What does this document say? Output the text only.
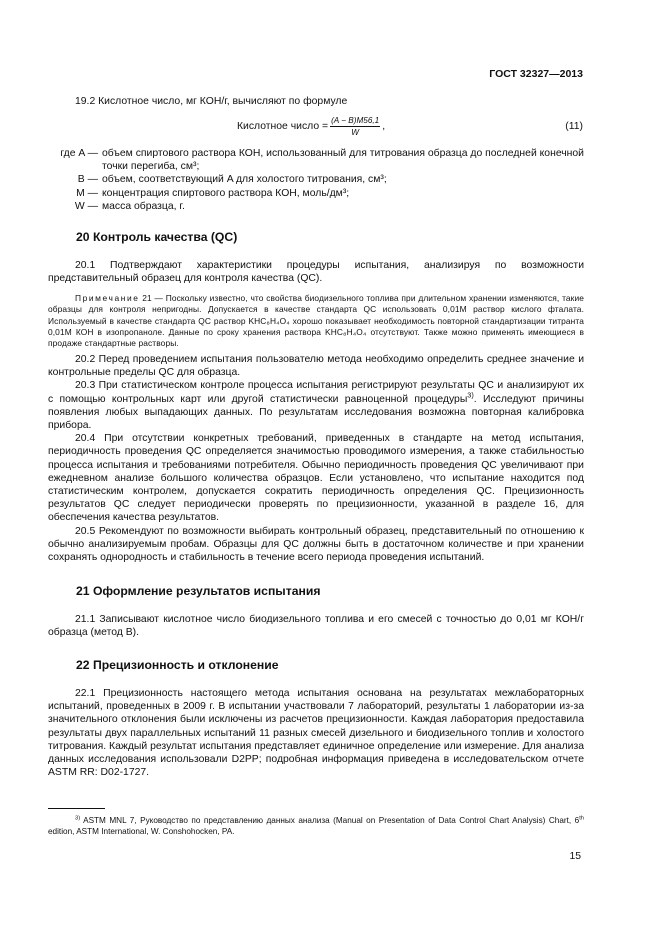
ГОСТ 32327—2013

19.2 Кислотное число, мг КОН/г, вычисляют по формуле

Кислотное число = $\frac{(A - B)M56,1}{W}$ ,	(11)
где A — объем спиртового раствора КОН, использованный для титрования образца до последней конечной точки перегиба, см³;
B — объем, соответствующий A для холостого титрования, см³;
M — концентрация спиртового раствора КОН, моль/дм³;
W — масса образца, г.
20 Контроль качества (QC)

20.1 Подтверждают характеристики процедуры испытания, анализируя по возможности представительный образец для контроля качества (QC).

Примечание 21 — Поскольку известно, что свойства биодизельного топлива при длительном хранении изменяются, такие образцы для контроля непригодны. Допускается в качестве стандарта QC использовать 0,01М раствор кислого фталата. Используемый в качестве стандарта QC раствор KHC₈H₄O₄ хорошо показывает необходимость повторной стандартизации титранта 0,01М КОН в изопропаноле. Данные по сроку хранения раствора KHC₈H₄O₄ отсутствуют. Также можно применять имеющиеся в продаже стандартные растворы.

20.2 Перед проведением испытания пользователю метода необходимо определить среднее значение и контрольные пределы QC для образца.

20.3 При статистическом контроле процесса испытания регистрируют результаты QC и анализируют их с помощью контрольных карт или другой статистически равноценной процедуры$^{3)}$. Исследуют причины появления любых выпадающих данных. По результатам исследования возможна повторная калибровка прибора.

20.4 При отсутствии конкретных требований, приведенных в стандарте на метод испытания, периодичность проведения QC определяется значимостью проводимого измерения, а также стабильностью процесса испытания и требованиями потребителя. Обычно периодичность проведения QC увеличивают при ежедневном анализе большого количества образцов. Если установлено, что испытание находится под статистическим контролем, допускается сократить периодичность определения QC. Прецизионность результатов QC следует периодически проверять по прецизионности, указанной в разделе 16, для обеспечения качества результатов.

20.5 Рекомендуют по возможности выбирать контрольный образец, представительный по отношению к обычно анализируемым пробам. Образцы для QC должны быть в достаточном количестве и при хранении сохранять однородность и стабильность в течение всего периода проведения испытаний.

21 Оформление результатов испытания

21.1 Записывают кислотное число биодизельного топлива и его смесей с точностью до 0,01 мг КОН/г образца (метод В).

22 Прецизионность и отклонение

22.1 Прецизионность настоящего метода испытания основана на результатах межлабораторных испытаний, проведенных в 2009 г. В испытании участвовали 7 лабораторий, результаты 1 лаборатории из-за значительного отклонения были исключены из расчетов прецизионности. Каждая лаборатория предоставила результаты двух параллельных испытаний 11 разных смесей дизельного и биодизельного топлив и холостого титрования. Каждый результат испытания представляет единичное определение или измерение. Для анализа данных исследования использовали D2PP; подробная информация приведена в исследовательском отчете ASTM RR: D02-1727.

$^{3)}$ ASTM MNL 7, Руководство по представлению данных анализа (Manual on Presentation of Data Control Chart Analysis) Chart, 6th edition, ASTM International, W. Conshohocken, PA.

15
